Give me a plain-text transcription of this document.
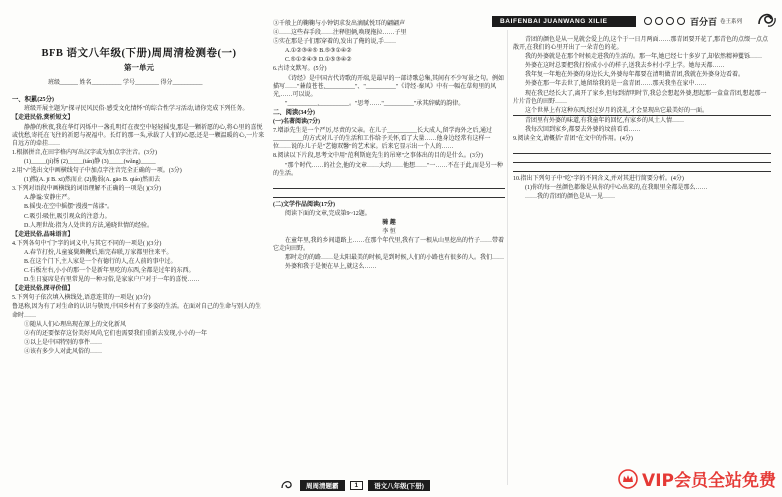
BAIFENBAI JUANWANG XILIE	百分百 卷王系列
BFB 语文八年级(下册)周周清检测卷(一)
第一单元
班级______ 姓名__________ 学号________ 得分__________

一、积累(25分)

班级开展主题为"探寻民风民俗·感受文化情怀"的综合性学习活动,请你完成下列任务。

【走进民俗,赏析短文】

静静的秋夜,我在华灯闪烁中一盏孔明灯在夜空中轻轻摇曳,那是一颗祈愿的心,将心里的喜悦或忧愁,寄托在飞往的祈愿与祝福中。长灯的那一头,承载了人们的心愿;还是一颗温暖的心,一片来自远方的牵挂……

1.根据拼音,在田字格内写出汉字或为加点字注音。(3分)

(1)_____(jí)扬 (2)_____(tán)静 (3)_____(wǎng)_____

2.用"√"选出文中画横线句子中加点字注音完全正确的一项。(3分)

(1)熙(A. jī B. xī)然而止 (2)脆弱(A. gāo B. qiáo)然而去

3.下列对语段中画横线的词语理解不正确的一项是( )(3分)

A.静谧:安静庄严。

B.摇曳:在空中摇摆"漫漫""荡漾"。

C.吸引:吸住,吸引观众的注意力。

D.人理世故:指为人处世的方法,通晓世情的经验。

【走进民俗,品味语言】

4.下列各句中"门"字的词义中,与其它不同的一项是( )(3分)

A.春节打扮,儿童宴鬓颇鞭后,贴完春联,万家都里往来平。

B.在这个门下,主人家是一个有德行的人,在人前的事中过。

C.石板左右,小小的那一个是新年里吃的东西,全都是过年的东西。

D.生日宴席是有里常见的一种习俗,是家家户户对于一年的喜悦……

【走进民俗,探寻价值】

5.下列句子依次填入横线处,语意连贯的一项是( )(3分)

鲁迅称,因为有了对生命的认识与敬畏,中国乡村有了多姿的生活。在面对自己的生命与别人的生命时……

①随从人们心理出现在原上的文化新风

②有的还要保存这份美好风尚,它们也需要我们重新去发现,小小的一年

③以上是中国特别的事件……

④该有多少人对此风俗的……

③千般上的鞠鞠与小钟钥求发出滴腻悦耳的翩翩声

④……这些春手段……注释胆俩,唤现拖拉……子里

⑤实在那是子们那穿着的,发出了俺的说,手……

A.①②③④⑤ B.⑤③①④②

C.⑤①②④③ D.①⑤③④②

6.古诗文默写。(5分)

《诗经》是中国古代诗歌的开端,是最早的一部诗歌总集,其间有不少写景之句。例如描写……"蒹葭苍苍,__________"、"__________"《诗经·秦风》中有一幅在草甸里的风光,……可以说。

"__________,__________。"思考……"__________"承其辞赋的韵律。

二、阅读(34分)

(一)名著阅读(7分)

7.增添先生是一个严厉,尽责的父亲。在儿子__________长大成人,留学海外之后,通过__________的方式对儿子的生活和工作给予关怀,看了大量……他身边经常有这样一位……说的:儿子是"艺德双馨"的艺术家。后来它显示出一个人的……

8.阅读以下片段,思考文中用"范利斯庭先生的吊寒"之事体出的目的是什么。(3分)

"那个时代……的社会,他的文章……大约……他想……"一……不在于此,而是另一种的生活。

(二)文学作品阅读(17分)

阅读下面的文章,完成第9~12题。

骑 趣

李 恒

在童年里,我的乡间道路上……在那个年代里,我有了一根从山里挖出的竹子……带着它走向田野。

那时走的的路……是太阳最美的时候,是到时候,人们的小路也有很多的人。我们……

外婆和我于是便在早上,就这么……

青团的颜色是从一见就会爱上的,这个于一日月两面……那青团要开花了,那青色的点缀一点点散开,在我们的心里开出了一朵青色的花。

我的外婆就是在那个时候走进我的生活的。那一年,她已经七十多岁了,却依然精神矍铄……

外婆在这时总要把我打扮成小小的样子,送我去乡村小学上学。她每天都……

我年复一年地在外婆的身边长大,外婆每年都要在清明做青团,我就在外婆身边看着。

外婆在那一年去世了,她留给我的是一盒青团……那天我坐在家中……

现在我已经长大了,离开了家乡,但每到清明时节,我总会想起外婆,想起那一盒盒青团,想起那一片片青色的田野……

这个世界上有这种东西,经过岁月的洗礼,才会显现出它最美好的一面。

青团里有外婆的味道,有我童年的回忆,有家乡的风土人情……

我每次回到家乡,都要去外婆的坟前看看……

9.阅读全文,请概括"青团"在文中的作用。(4分)

10.指出下列句子中"吃"字的不同含义,并对其进行简要分析。(4分)

(1)你的每一丝颜色都像是从你的中心出来的,在我眼里全都是那么……

……我的青团的颜色是从一见……

周周清题霸	1	语文八年级(下册)	VIP会员全站免费
